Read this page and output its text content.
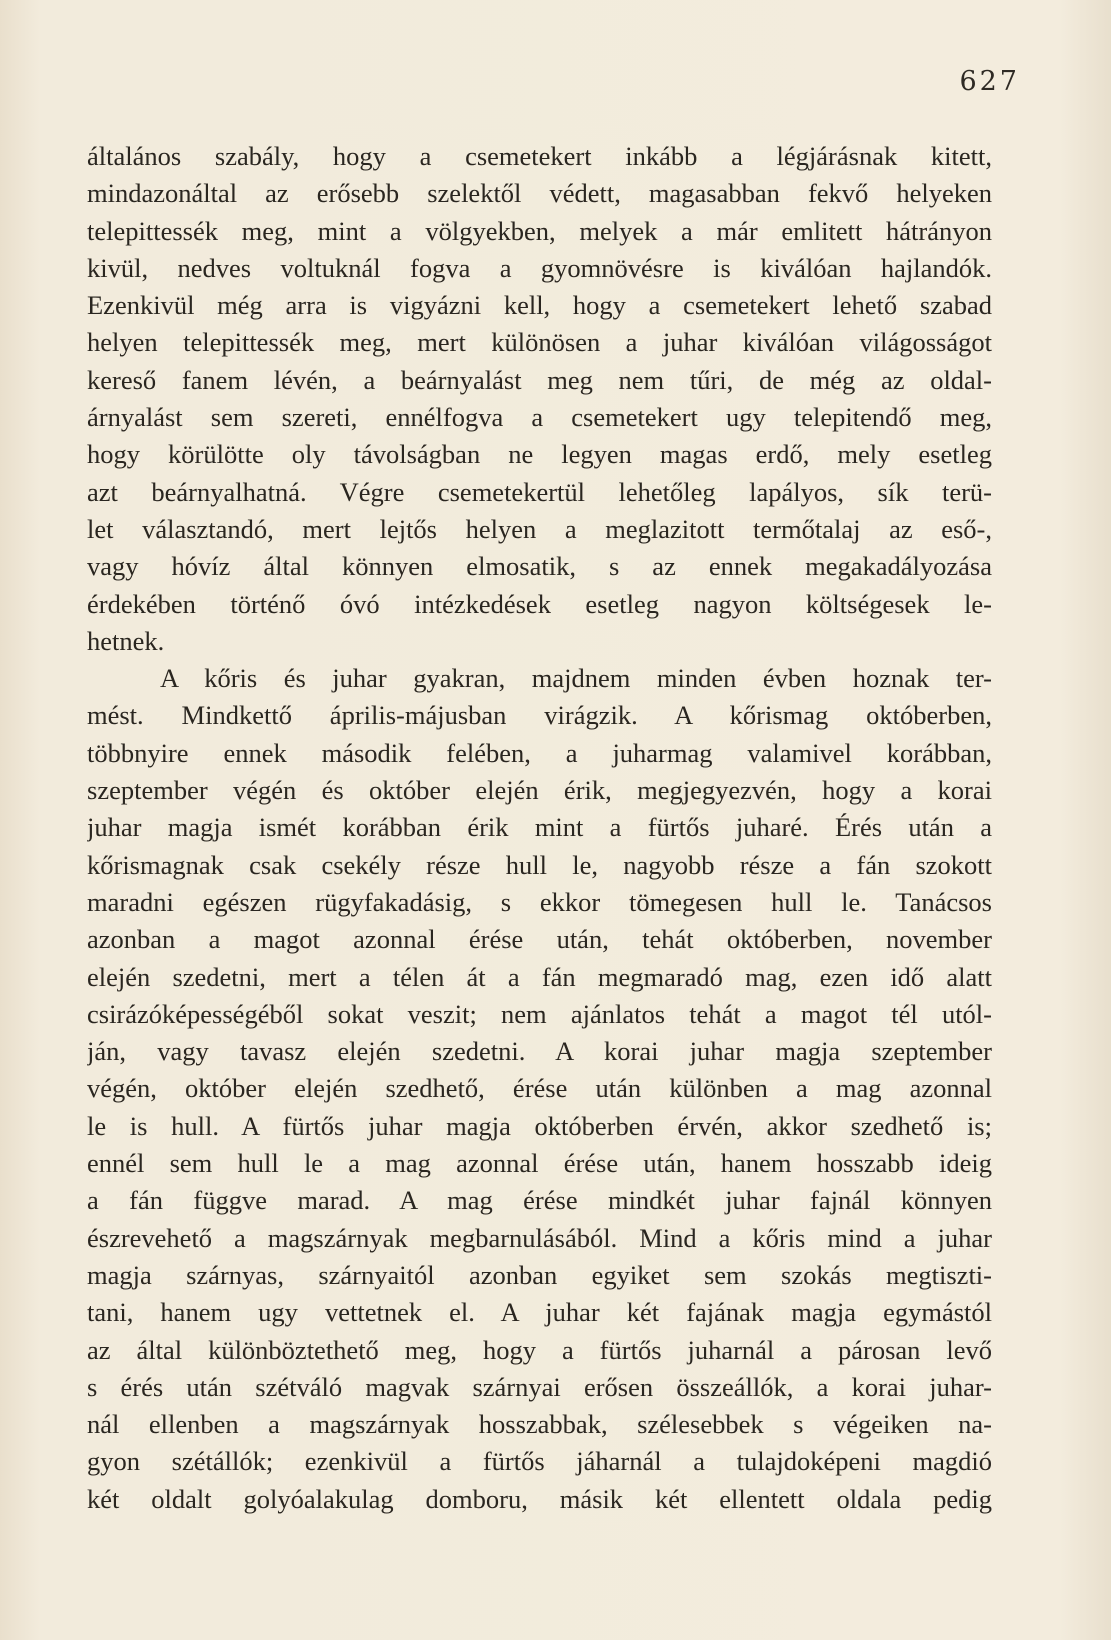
627
általános szabály, hogy a csemetekert inkább a légjárásnak kitett,
mindazonáltal az erősebb szelektől védett, magasabban fekvő helyeken
telepittessék meg, mint a völgyekben, melyek a már emlitett hátrányon
kivül, nedves voltuknál fogva a gyomnövésre is kiválóan hajlandók.
Ezenkivül még arra is vigyázni kell, hogy a csemetekert lehető szabad
helyen telepittessék meg, mert különösen a juhar kiválóan világosságot
kereső fanem lévén, a beárnyalást meg nem tűri, de még az oldal-
árnyalást sem szereti, ennélfogva a csemetekert ugy telepitendő meg,
hogy körülötte oly távolságban ne legyen magas erdő, mely esetleg
azt beárnyalhatná. Végre csemetekertül lehetőleg lapályos, sík terü-
let választandó, mert lejtős helyen a meglazitott termőtalaj az eső-,
vagy hóvíz által könnyen elmosatik, s az ennek megakadályozása
érdekében történő óvó intézkedések esetleg nagyon költségesek le-
hetnek.
A kőris és juhar gyakran, majdnem minden évben hoznak ter-
mést. Mindkettő április-májusban virágzik. A kőrismag októberben,
többnyire ennek második felében, a juharmag valamivel korábban,
szeptember végén és október elején érik, megjegyezvén, hogy a korai
juhar magja ismét korábban érik mint a fürtős juharé. Érés után a
kőrismagnak csak csekély része hull le, nagyobb része a fán szokott
maradni egészen rügyfakadásig, s ekkor tömegesen hull le. Tanácsos
azonban a magot azonnal érése után, tehát októberben, november
elején szedetni, mert a télen át a fán megmaradó mag, ezen idő alatt
csirázóképességéből sokat veszit; nem ajánlatos tehát a magot tél utól-
ján, vagy tavasz elején szedetni. A korai juhar magja szeptember
végén, október elején szedhető, érése után különben a mag azonnal
le is hull. A fürtős juhar magja októberben érvén, akkor szedhető is;
ennél sem hull le a mag azonnal érése után, hanem hosszabb ideig
a fán függve marad. A mag érése mindkét juhar fajnál könnyen
észrevehető a magszárnyak megbarnulásából. Mind a kőris mind a juhar
magja szárnyas, szárnyaitól azonban egyiket sem szokás megtiszti-
tani, hanem ugy vettetnek el. A juhar két fajának magja egymástól
az által különböztethető meg, hogy a fürtős juharnál a párosan levő
s érés után szétváló magvak szárnyai erősen összeállók, a korai juhar-
nál ellenben a magszárnyak hosszabbak, szélesebbek s végeiken na-
gyon szétállók; ezenkivül a fürtős jáharnál a tulajdoképeni magdió
két oldalt golyóalakulag domboru, másik két ellentett oldala pedig
